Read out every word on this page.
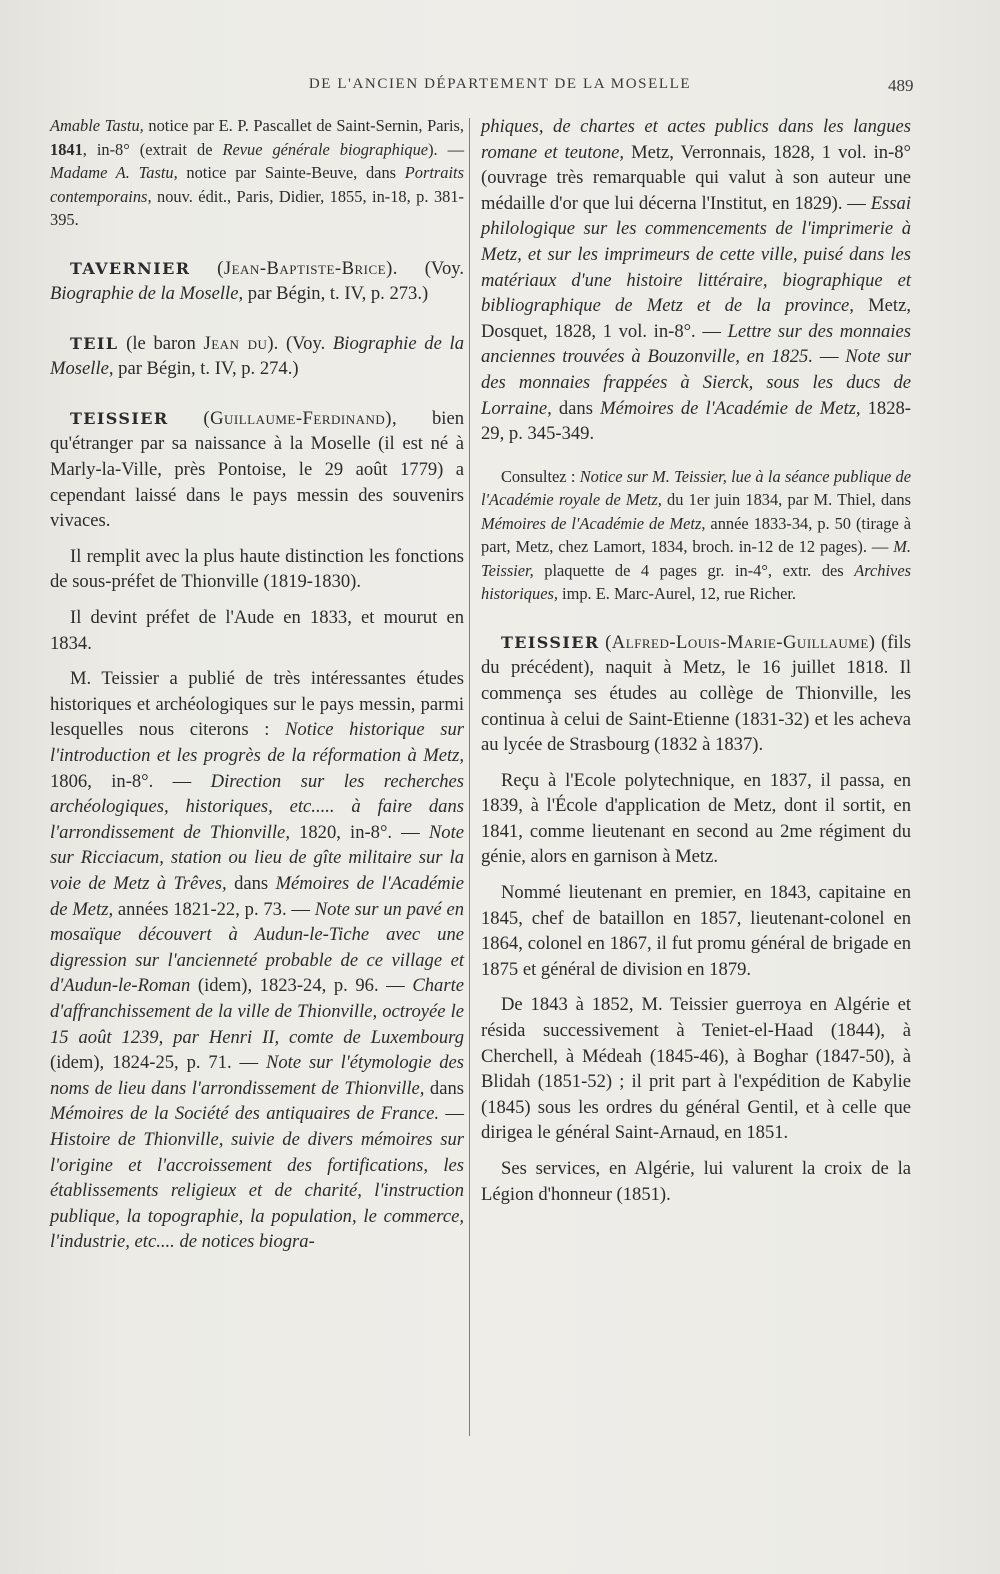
DE L'ANCIEN DÉPARTEMENT DE LA MOSELLE	489

Amable Tastu, notice par E. P. Pascallet de Saint-Sernin, Paris, 1841, in-8° (extrait de Revue générale biographique). — Madame A. Tastu, notice par Sainte-Beuve, dans Portraits contemporains, nouv. édit., Paris, Didier, 1855, in-18, p. 381-395.

TAVERNIER (Jean-Baptiste-Brice). (Voy. Biographie de la Moselle, par Bégin, t. IV, p. 273.)

TEIL (le baron Jean du). (Voy. Biographie de la Moselle, par Bégin, t. IV, p. 274.)

TEISSIER (Guillaume-Ferdinand), bien qu'étranger par sa naissance à la Moselle (il est né à Marly-la-Ville, près Pontoise, le 29 août 1779) a cependant laissé dans le pays messin des souvenirs vivaces.

Il remplit avec la plus haute distinction les fonctions de sous-préfet de Thionville (1819-1830).

Il devint préfet de l'Aude en 1833, et mourut en 1834.

M. Teissier a publié de très intéressantes études historiques et archéologiques sur le pays messin, parmi lesquelles nous citerons : Notice historique sur l'introduction et les progrès de la réformation à Metz, 1806, in-8°. — Direction sur les recherches archéologiques, historiques, etc..... à faire dans l'arrondissement de Thionville, 1820, in-8°. — Note sur Ricciacum, station ou lieu de gîte militaire sur la voie de Metz à Trêves, dans Mémoires de l'Académie de Metz, années 1821-22, p. 73. — Note sur un pavé en mosaïque découvert à Audun-le-Tiche avec une digression sur l'ancienneté probable de ce village et d'Audun-le-Roman (idem), 1823-24, p. 96. — Charte d'affranchissement de la ville de Thionville, octroyée le 15 août 1239, par Henri II, comte de Luxembourg (idem), 1824-25, p. 71. — Note sur l'étymologie des noms de lieu dans l'arrondissement de Thionville, dans Mémoires de la Société des antiquaires de France. — Histoire de Thionville, suivie de divers mémoires sur l'origine et l'accroissement des fortifications, les établissements religieux et de charité, l'instruction publique, la topographie, la population, le commerce, l'industrie, etc.... de notices biogra-

phiques, de chartes et actes publics dans les langues romane et teutone, Metz, Verronnais, 1828, 1 vol. in-8° (ouvrage très remarquable qui valut à son auteur une médaille d'or que lui décerna l'Institut, en 1829). — Essai philologique sur les commencements de l'imprimerie à Metz, et sur les imprimeurs de cette ville, puisé dans les matériaux d'une histoire littéraire, biographique et bibliographique de Metz et de la province, Metz, Dosquet, 1828, 1 vol. in-8°. — Lettre sur des monnaies anciennes trouvées à Bouzonville, en 1825. — Note sur des monnaies frappées à Sierck, sous les ducs de Lorraine, dans Mémoires de l'Académie de Metz, 1828-29, p. 345-349.

Consultez : Notice sur M. Teissier, lue à la séance publique de l'Académie royale de Metz, du 1er juin 1834, par M. Thiel, dans Mémoires de l'Académie de Metz, année 1833-34, p. 50 (tirage à part, Metz, chez Lamort, 1834, broch. in-12 de 12 pages). — M. Teissier, plaquette de 4 pages gr. in-4°, extr. des Archives historiques, imp. E. Marc-Aurel, 12, rue Richer.

TEISSIER (Alfred-Louis-Marie-Guillaume) (fils du précédent), naquit à Metz, le 16 juillet 1818. Il commença ses études au collège de Thionville, les continua à celui de Saint-Etienne (1831-32) et les acheva au lycée de Strasbourg (1832 à 1837).

Reçu à l'Ecole polytechnique, en 1837, il passa, en 1839, à l'École d'application de Metz, dont il sortit, en 1841, comme lieutenant en second au 2me régiment du génie, alors en garnison à Metz.

Nommé lieutenant en premier, en 1843, capitaine en 1845, chef de bataillon en 1857, lieutenant-colonel en 1864, colonel en 1867, il fut promu général de brigade en 1875 et général de division en 1879.

De 1843 à 1852, M. Teissier guerroya en Algérie et résida successivement à Teniet-el-Haad (1844), à Cherchell, à Médeah (1845-46), à Boghar (1847-50), à Blidah (1851-52) ; il prit part à l'expédition de Kabylie (1845) sous les ordres du général Gentil, et à celle que dirigea le général Saint-Arnaud, en 1851.

Ses services, en Algérie, lui valurent la croix de la Légion d'honneur (1851).
